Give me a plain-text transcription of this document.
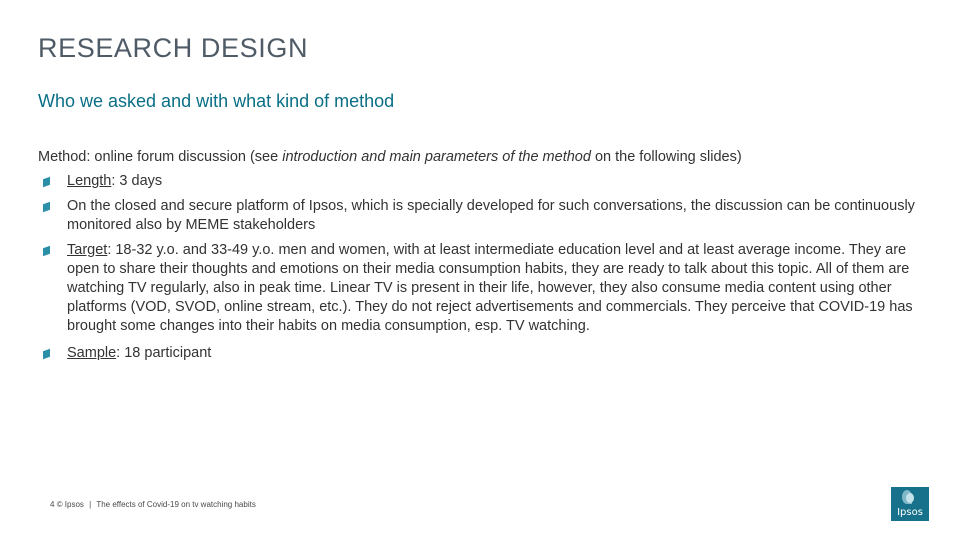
RESEARCH DESIGN
Who we asked and with what kind of method
Method: online forum discussion (see introduction and main parameters of the method on the following slides)
Length: 3 days
On the closed and secure platform of Ipsos, which is specially developed for such conversations, the discussion can be continuously monitored also by MEME stakeholders
Target: 18-32 y.o. and 33-49 y.o. men and women, with at least intermediate education level and at least average income. They are open to share their thoughts and emotions on their media consumption habits, they are ready to talk about this topic. All of them are watching TV regularly, also in peak time. Linear TV is present in their life, however, they also consume media content using other platforms (VOD, SVOD, online stream, etc.). They do not reject advertisements and commercials. They perceive that COVID-19 has brought some changes into their habits on media consumption, esp. TV watching.
Sample: 18 participant
4 © Ipsos | The effects of Covid-19 on tv watching habits
Ipsos
